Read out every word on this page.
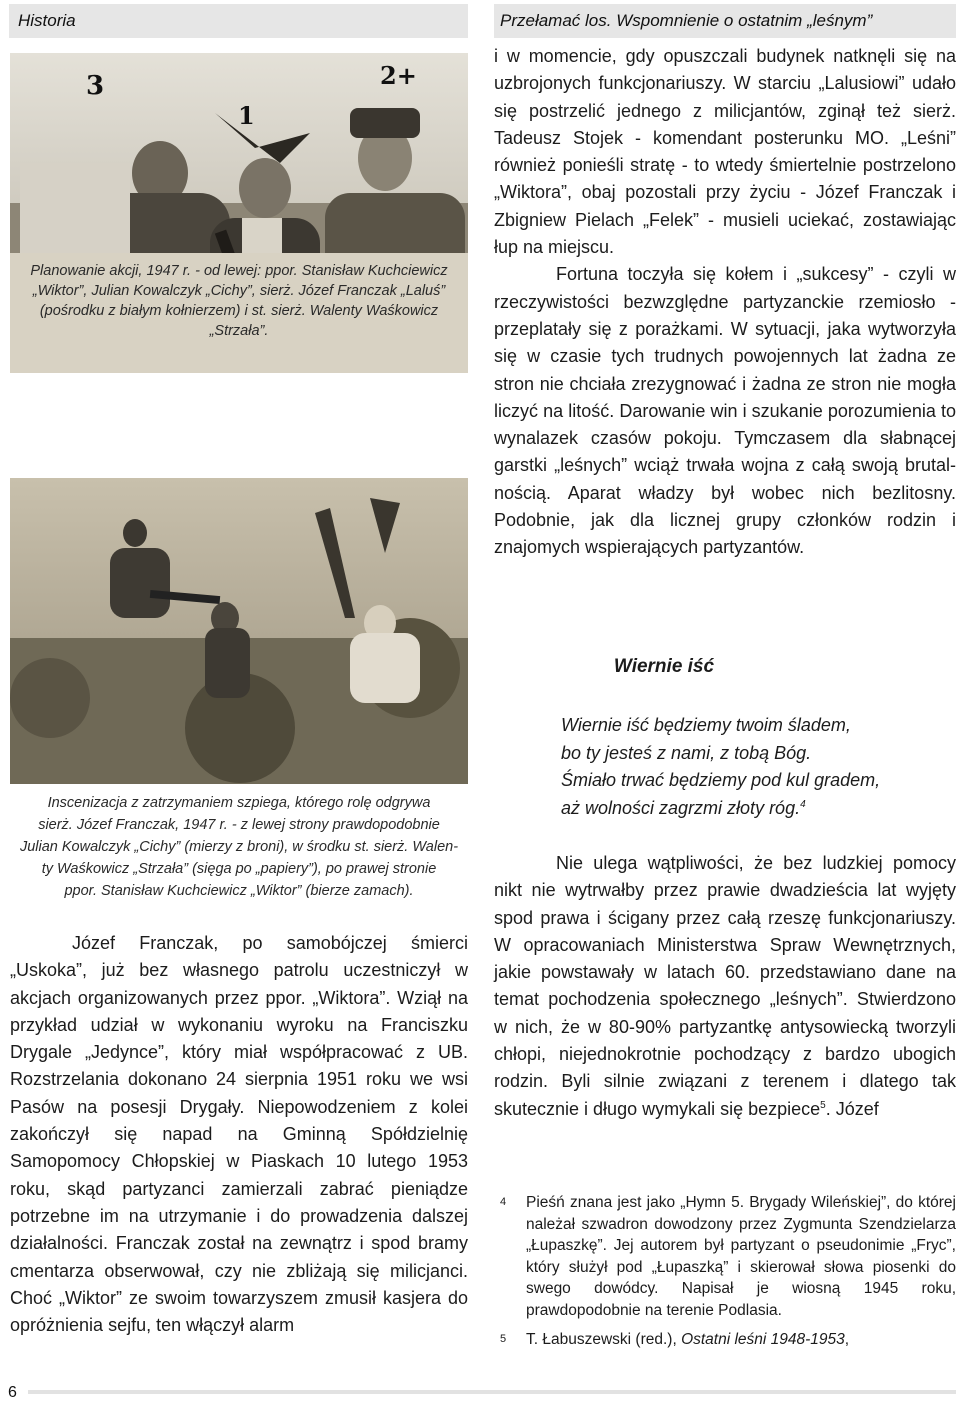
Historia	Przełamać los. Wspomnienie o ostatnim „leśnym”
3
1
2+
Planowanie akcji, 1947 r. - od lewej: ppor. Stanisław Kuchciewicz
„Wiktor”, Julian Kowalczyk „Cichy”, sierż. Józef Franczak „Laluś”
(pośrodku z białym kołnierzem) i st. sierż. Walenty Waśkowicz „Strzała”.
Inscenizacja z zatrzymaniem szpiega, którego rolę odgrywa
sierż. Józef Franczak, 1947 r. - z lewej strony prawdopodobnie
Julian Kowalczyk „Cichy” (mierzy z broni), w środku st. sierż. Walen-
ty Waśkowicz „Strzała” (sięga po „papiery”), po prawej stronie
ppor. Stanisław Kuchciewicz „Wiktor” (bierze zamach).

Józef Franczak, po samobójczej śmierci „Uskoka”, już bez własnego patrolu uczestniczył w akcjach organizowanych przez ppor. „Wiktora”. Wziął na przykład udział w wykonaniu wyroku na Franciszku Drygale „Jedynce”, który miał współpracować z UB. Rozstrzelania dokonano 24 sierpnia 1951 roku we wsi Pasów na posesji Drygały. Niepowodzeniem z kolei zakończył się napad na Gminną Spółdzielnię Samopomocy Chłopskiej w Piaskach 10 lutego 1953 roku, skąd partyzanci zamierzali zabrać pieniądze potrzebne im na utrzymanie i do prowadzenia dalszej działalności. Franczak został na zewnątrz i spod bramy cmentarza obserwował, czy nie zbliżają się milicjanci. Choć „Wiktor” ze swoim towarzyszem zmusił kasjera do opróżnienia sejfu, ten włączył alarm

i w momencie, gdy opuszczali budynek natknęli się na uzbrojonych funkcjonariuszy. W starciu „Lalusiowi” udało się postrzelić jednego z milicjantów, zginął też sierż. Tadeusz Stojek - komendant posterunku MO. „Leśni” również ponieśli stratę - to wtedy śmiertelnie postrzelono „Wiktora”, obaj pozostali przy życiu - Józef Franczak i Zbigniew Pielach „Felek” - musieli uciekać, zostawiając łup na miejscu.

Fortuna toczyła się kołem i „sukcesy” - czyli w rzeczywistości bezwzględne partyzanckie rzemiosło - przeplatały się z porażkami. W sytuacji, jaka wytworzyła się w czasie tych trudnych powojennych lat żadna ze stron nie chciała zrezygnować i żadna ze stron nie mogła liczyć na litość. Darowanie win i szukanie porozumienia to wynalazek czasów pokoju. Tymczasem dla słabnącej garstki „leśnych” wciąż trwała wojna z całą swoją brutalnością. Aparat władzy był wobec nich bezlitosny. Podobnie, jak dla licznej grupy członków rodzin i znajomych wspierających partyzantów.

Wiernie iść
Wiernie iść będziemy twoim śladem,
bo ty jesteś z nami, z tobą Bóg.
Śmiało trwać będziemy pod kul gradem,
aż wolności zagrzmi złoty róg.$^4$

Nie ulega wątpliwości, że bez ludzkiej pomocy nikt nie wytrwałby przez prawie dwadzieścia lat wyjęty spod prawa i ścigany przez całą rzeszę funkcjonariuszy. W opracowaniach Ministerstwa Spraw Wewnętrznych, jakie powstawały w latach 60. przedstawiano dane na temat pochodzenia społecznego „leśnych”. Stwierdzono w nich, że w 80-90% partyzantkę antysowiecką tworzyli chłopi, niejednokrotnie pochodzący z bardzo ubogich rodzin. Byli silnie związani z terenem i dlatego tak skutecznie i długo wymykali się bezpiece$^5$. Józef

4 Pieśń znana jest jako „Hymn 5. Brygady Wileńskiej”, do której należał szwadron dowodzony przez Zygmunta Szendzielarza „Łupaszkę”. Jej autorem był partyzant o pseudonimie „Fryc”, który służył pod „Łupaszką” i skierował słowa piosenki do swego dowódcy. Napisał je wiosną 1945 roku, prawdopodobnie na terenie Podlasia.
5 T. Łabuszewski (red.), Ostatni leśni 1948-1953,
6
